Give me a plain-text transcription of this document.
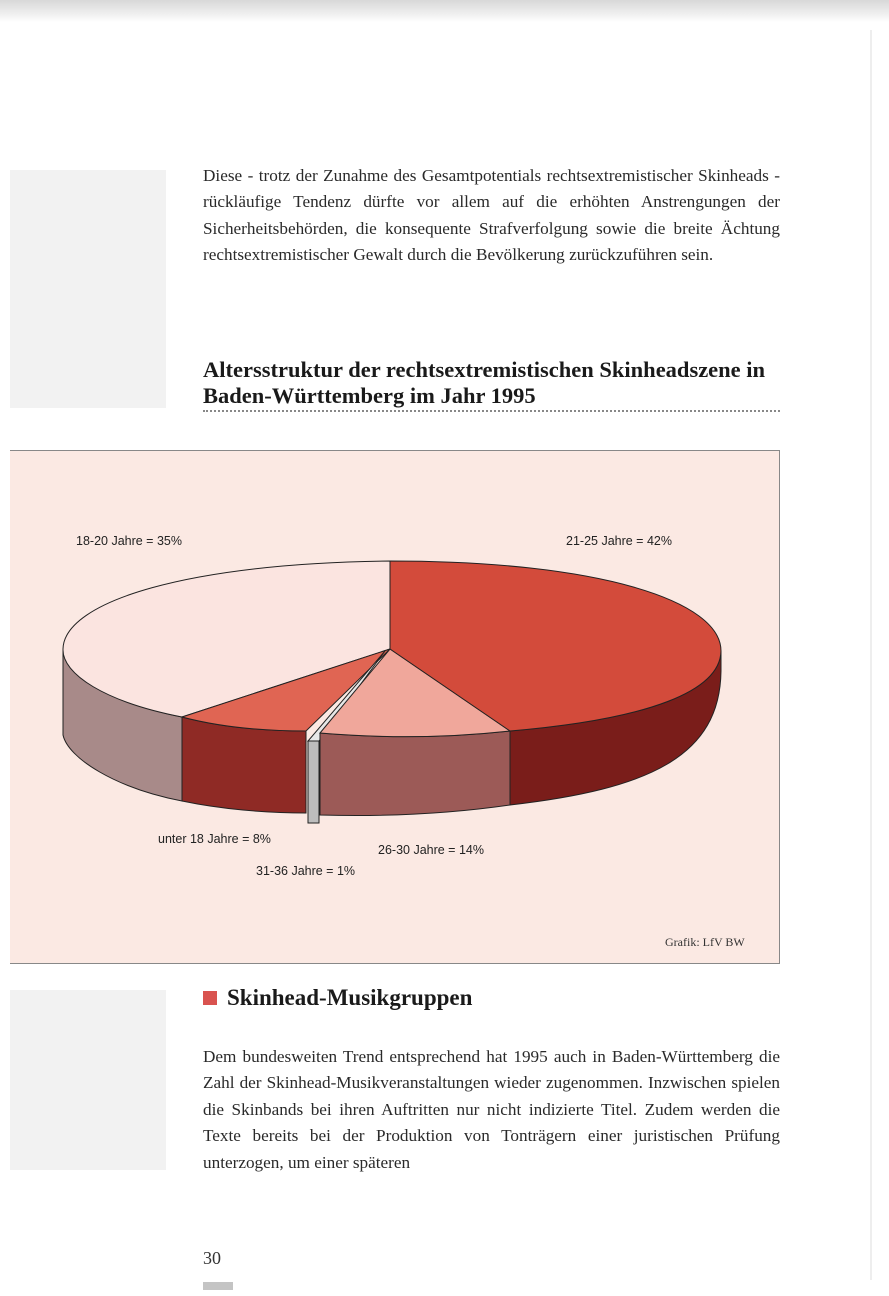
Diese - trotz der Zunahme des Gesamtpotentials rechtsextremistischer Skinheads - rückläufige Tendenz dürfte vor allem auf die erhöhten Anstrengungen der Sicherheitsbehörden, die konsequente Strafverfolgung sowie die breite Ächtung rechtsextremistischer Gewalt durch die Bevölkerung zurückzuführen sein.

Altersstruktur der rechtsextremistischen Skinheadszene in Baden-Württemberg im Jahr 1995
18-20 Jahre = 35%	21-25 Jahre = 42%
unter 18 Jahre = 8%
26-30 Jahre = 14%
31-36 Jahre = 1%
Grafik: LfV BW
Skinhead-Musikgruppen

Dem bundesweiten Trend entsprechend hat 1995 auch in Baden-Württemberg die Zahl der Skinhead-Musikveranstaltungen wieder zugenommen. Inzwischen spielen die Skinbands bei ihren Auftritten nur nicht indizierte Titel. Zudem werden die Texte bereits bei der Produktion von Tonträgern einer juristischen Prüfung unterzogen, um einer späteren

30
